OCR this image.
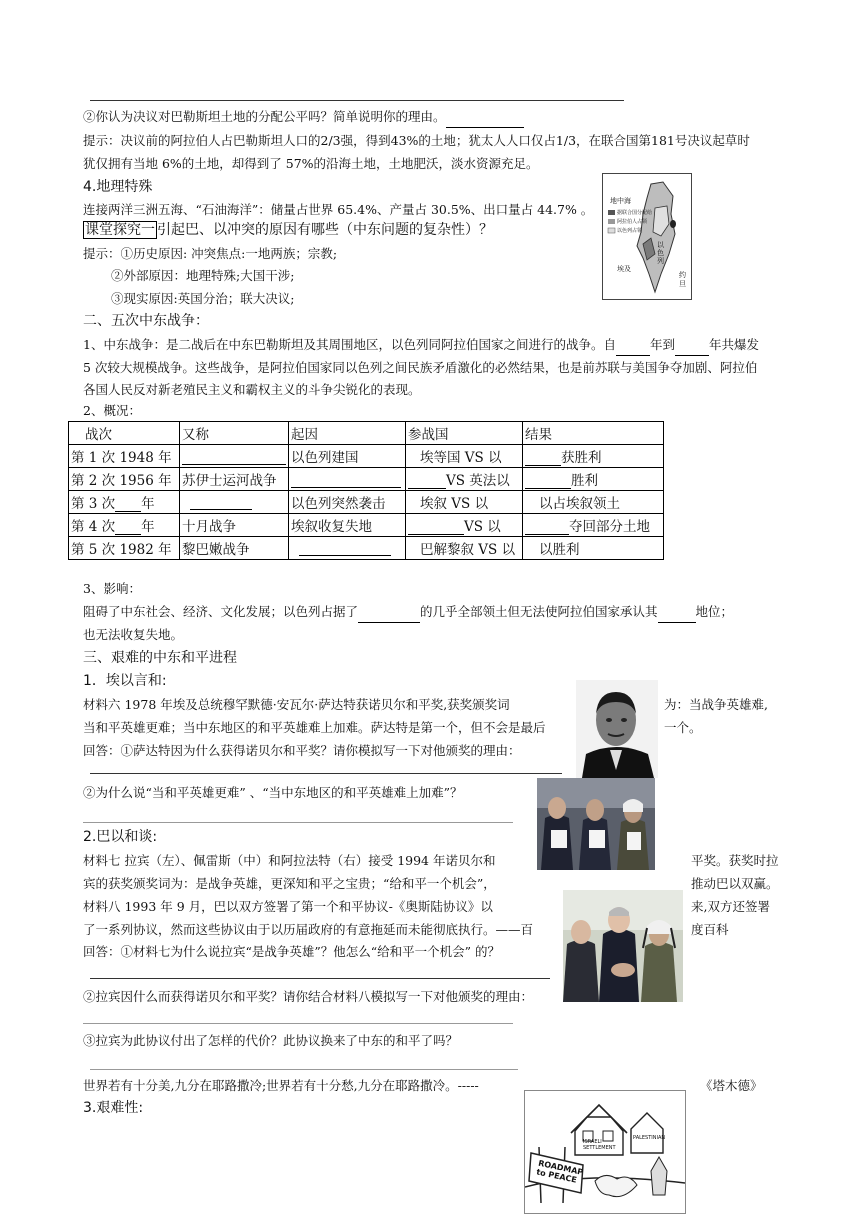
②你认为决议对巴勒斯坦土地的分配公平吗？简单说明你的理由。
提示：决议前的阿拉伯人占巴勒斯坦人口的2/3强，得到43%的土地；犹太人人口仅占1/3，在联合国第181号决议起草时
犹仅拥有当地 6%的土地，却得到了 57%的沿海土地，土地肥沃，淡水资源充足。
4.地理特殊
连接两洋三洲五海、“石油海洋”：储量占世界 65.4%、产量占 30.5%、出口量占 44.7% 。
课堂探究一 引起巴、以冲突的原因有哪些（中东问题的复杂性）？
提示：①历史原因: 冲突焦点:一地两族；宗教;
②外部原因：地理特殊;大国干涉;
③现实原因:英国分治；联大决议;
地中海
据联合国分配给
阿拉伯人占领
以色列占领
以
色
列
埃及
约
旦
二、五次中东战争：
1、中东战争：是二战后在中东巴勒斯坦及其周围地区，以色列同阿拉伯国家之间进行的战争。自	年到	年共爆发
5 次较大规模战争。这些战争，是阿拉伯国家同以色列之间民族矛盾激化的必然结果，也是前苏联与美国争夺加剧、阿拉伯
各国人民反对新老殖民主义和霸权主义的斗争尖锐化的表现。
2、概况：
战次	又称	起因	参战国	结果
第 1 次 1948 年		以色列建国	埃等国 VS 以	获胜利
第 2 次 1956 年	苏伊士运河战争		VS 英法以	胜利
第 3 次 年		以色列突然袭击	埃叙 VS 以	以占埃叙领土
第 4 次 年	十月战争	埃叙收复失地	VS 以	夺回部分土地
第 5 次 1982 年	黎巴嫩战争		巴解黎叙 VS 以	以胜利
3、影响：
阻碍了中东社会、经济、文化发展；以色列占据了	的几乎全部领土但无法使阿拉伯国家承认其	地位；
也无法收复失地。
三、艰难的中东和平进程
1．埃以言和:
材料六 1978 年埃及总统穆罕默德·安瓦尔·萨达特获诺贝尔和平奖,获奖颁奖词	为：当战争英雄难,
当和平英雄更难；当中东地区的和平英雄难上加难。萨达特是第一个，但不会是最后	一个。
回答：①萨达特因为什么获得诺贝尔和平奖？请你模拟写一下对他颁奖的理由：
②为什么说“当和平英雄更难” 、“当中东地区的和平英雄难上加难”？
2.巴以和谈:
材料七 拉宾（左）、佩雷斯（中）和阿拉法特（右）接受 1994 年诺贝尔和	平奖。获奖时拉
宾的获奖颁奖词为：是战争英雄，更深知和平之宝贵；“给和平一个机会”，	推动巴以双赢。
材料八 1993 年 9 月，巴以双方签署了第一个和平协议-《奥斯陆协议》以	来,双方还签署
了一系列协议，然而这些协议由于以历届政府的有意拖延而未能彻底执行。——百	度百科
回答：①材料七为什么说拉宾“是战争英雄”？他怎么“给和平一个机会” 的？
②拉宾因什么而获得诺贝尔和平奖？请你结合材料八模拟写一下对他颁奖的理由：
③拉宾为此协议付出了怎样的代价？此协议换来了中东的和平了吗？
世界若有十分美,九分在耶路撒冷;世界若有十分愁,九分在耶路撒冷。-----	《塔木德》
3.艰难性:
ROADMAP to PEACE
ISRAELI SETTLEMENT
PALESTINIAN
